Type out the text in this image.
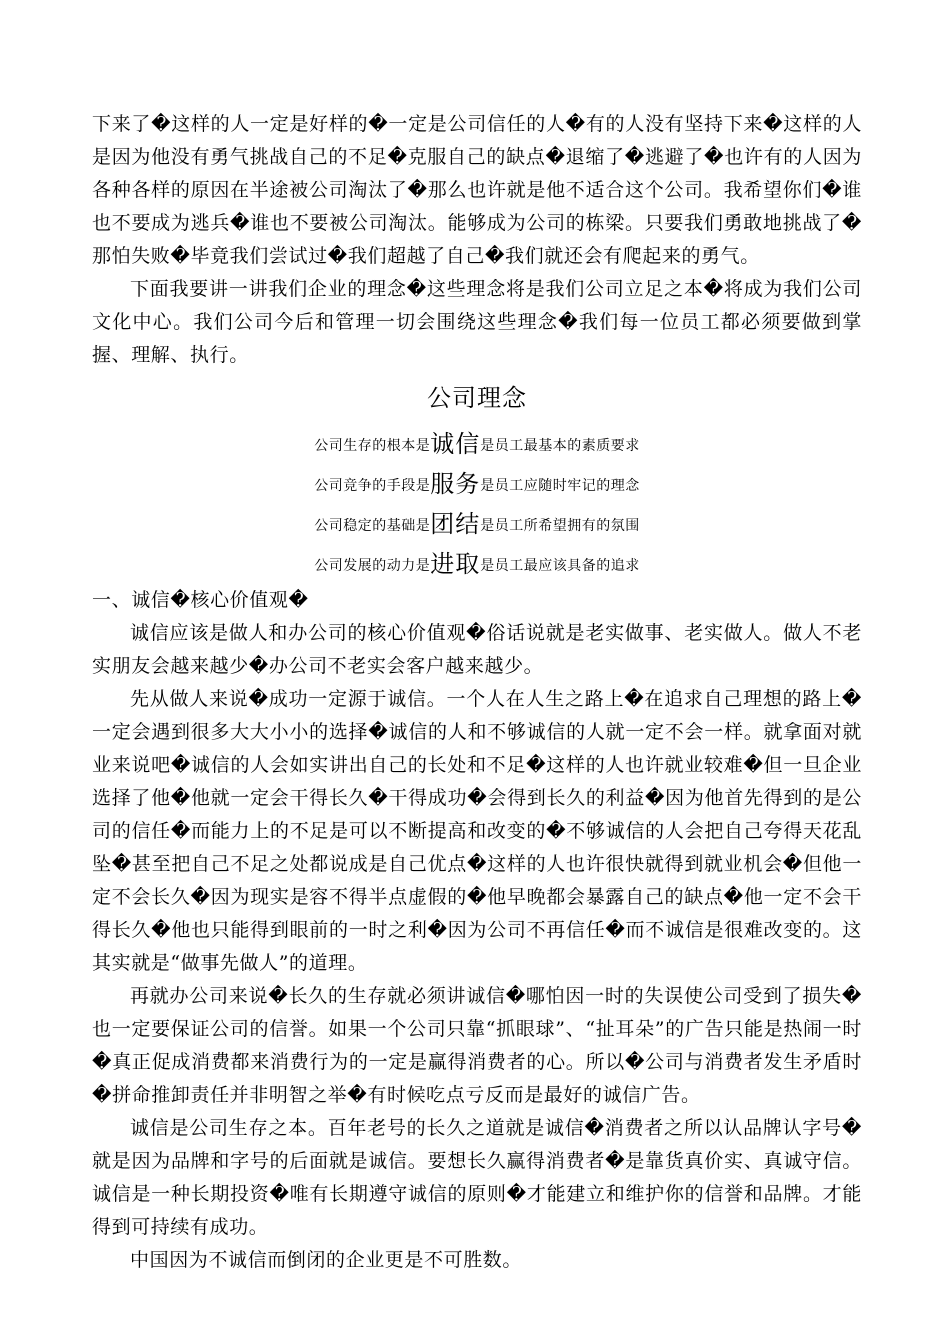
下来了�这样的人一定是好样的�一定是公司信任的人�有的人没有坚持下来�这样的人是因为他没有勇气挑战自己的不足�克服自己的缺点�退缩了�逃避了�也许有的人因为各种各样的原因在半途被公司淘汰了�那么也许就是他不适合这个公司。我希望你们�谁也不要成为逃兵�谁也不要被公司淘汰。能够成为公司的栋梁。只要我们勇敢地挑战了�那怕失败�毕竟我们尝试过�我们超越了自己�我们就还会有爬起来的勇气。

下面我要讲一讲我们企业的理念�这些理念将是我们公司立足之本�将成为我们公司文化中心。我们公司今后和管理一切会围绕这些理念�我们每一位员工都必须要做到掌握、理解、执行。

公司理念
公司生存的根本是诚信是员工最基本的素质要求
公司竞争的手段是服务是员工应随时牢记的理念
公司稳定的基础是团结是员工所希望拥有的氛围
公司发展的动力是进取是员工最应该具备的追求
一、诚信�核心价值观�

诚信应该是做人和办公司的核心价值观�俗话说就是老实做事、老实做人。做人不老实朋友会越来越少�办公司不老实会客户越来越少。

先从做人来说�成功一定源于诚信。一个人在人生之路上�在追求自己理想的路上�一定会遇到很多大大小小的选择�诚信的人和不够诚信的人就一定不会一样。就拿面对就业来说吧�诚信的人会如实讲出自己的长处和不足�这样的人也许就业较难�但一旦企业选择了他�他就一定会干得长久�干得成功�会得到长久的利益�因为他首先得到的是公司的信任�而能力上的不足是可以不断提高和改变的�不够诚信的人会把自己夸得天花乱坠�甚至把自己不足之处都说成是自己优点�这样的人也许很快就得到就业机会�但他一定不会长久�因为现实是容不得半点虚假的�他早晚都会暴露自己的缺点�他一定不会干得长久�他也只能得到眼前的一时之利�因为公司不再信任�而不诚信是很难改变的。这其实就是“做事先做人”的道理。

再就办公司来说�长久的生存就必须讲诚信�哪怕因一时的失误使公司受到了损失�也一定要保证公司的信誉。如果一个公司只靠“抓眼球”、“扯耳朵”的广告只能是热闹一时�真正促成消费都来消费行为的一定是赢得消费者的心。所以�公司与消费者发生矛盾时�拼命推卸责任并非明智之举�有时候吃点亏反而是最好的诚信广告。

诚信是公司生存之本。百年老号的长久之道就是诚信�消费者之所以认品牌认字号�就是因为品牌和字号的后面就是诚信。要想长久赢得消费者�是靠货真价实、真诚守信。诚信是一种长期投资�唯有长期遵守诚信的原则�才能建立和维护你的信誉和品牌。才能得到可持续有成功。

中国因为不诚信而倒闭的企业更是不可胜数。
